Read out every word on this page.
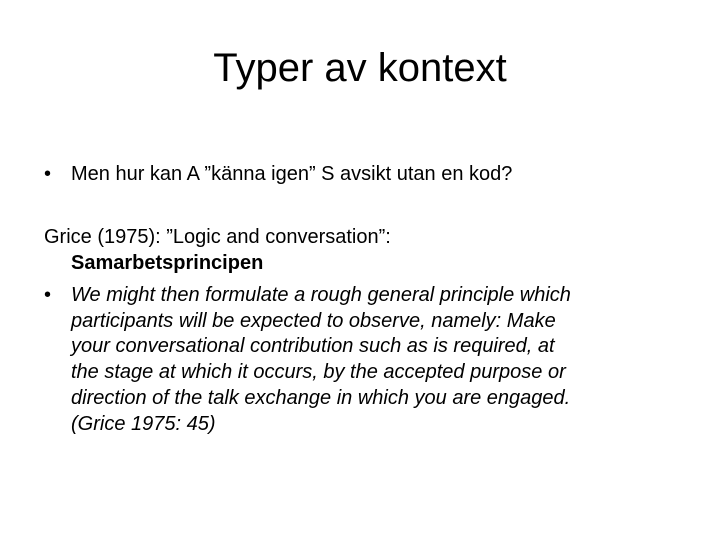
Typer av kontext
• Men hur kan A ”känna igen” S avsikt utan en kod?
Grice (1975): ”Logic and conversation”:
Samarbetsprincipen
• We might then formulate a rough general principle which
participants will be expected to observe, namely: Make
your conversational contribution such as is required, at
the stage at which it occurs, by the accepted purpose or
direction of the talk exchange in which you are engaged.
(Grice 1975: 45)
